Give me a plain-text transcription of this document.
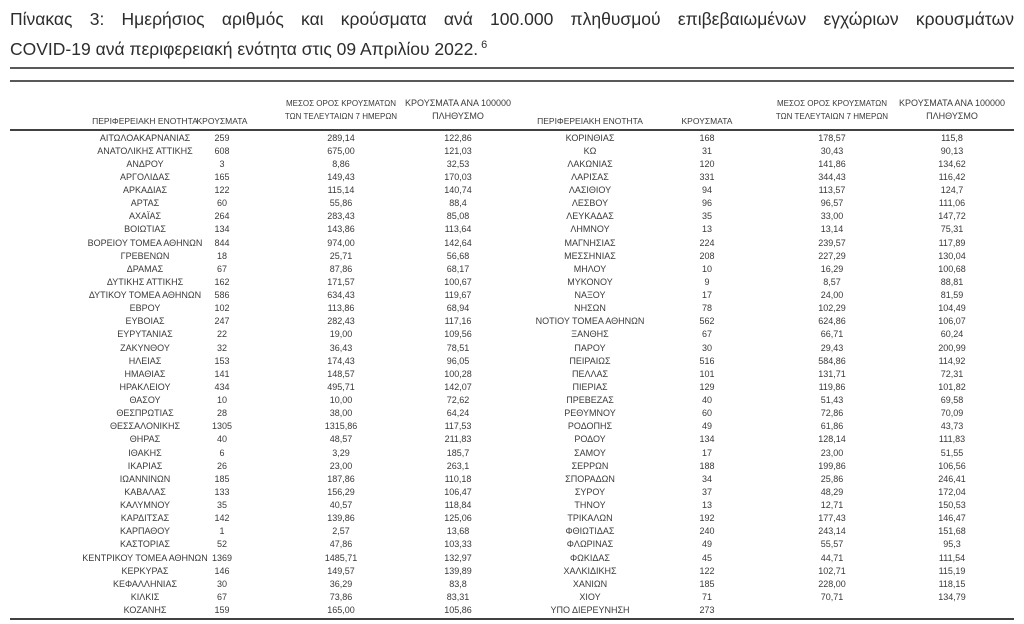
Πίνακας 3: Ημερήσιος αριθμός και κρούσματα ανά 100.000 πληθυσμού επιβεβαιωμένων εγχώριων κρουσμάτων
COVID-19 ανά περιφερειακή ενότητα στις 09 Απριλίου 2022. $^6$
ΠΕΡΙΦΕΡΕΙΑΚΗ ΕΝΟΤΗΤΑ
ΚΡΟΥΣΜΑΤΑ
ΜΕΣΟΣ ΟΡΟΣ ΚΡΟΥΣΜΑΤΩΝ
ΤΩΝ ΤΕΛΕΥΤΑΙΩΝ 7 ΗΜΕΡΩΝ
ΚΡΟΥΣΜΑΤΑ ΑΝΑ 100000
ΠΛΗΘΥΣΜΟ	ΠΕΡΙΦΕΡΕΙΑΚΗ ΕΝΟΤΗΤΑ	ΚΡΟΥΣΜΑΤΑ
ΜΕΣΟΣ ΟΡΟΣ ΚΡΟΥΣΜΑΤΩΝ
ΤΩΝ ΤΕΛΕΥΤΑΙΩΝ 7 ΗΜΕΡΩΝ
ΚΡΟΥΣΜΑΤΑ ΑΝΑ 100000
ΠΛΗΘΥΣΜΟ
ΑΙΤΩΛΟΑΚΑΡΝΑΝΙΑΣ
ΑΝΑΤΟΛΙΚΗΣ ΑΤΤΙΚΗΣ
ΑΝΔΡΟΥ
ΑΡΓΟΛΙΔΑΣ
ΑΡΚΑΔΙΑΣ
ΑΡΤΑΣ
ΑΧΑΪΑΣ
ΒΟΙΩΤΙΑΣ
ΒΟΡΕΙΟΥ ΤΟΜΕΑ ΑΘΗΝΩΝ
ΓΡΕΒΕΝΩΝ
ΔΡΑΜΑΣ
ΔΥΤΙΚΗΣ ΑΤΤΙΚΗΣ
ΔΥΤΙΚΟΥ ΤΟΜΕΑ ΑΘΗΝΩΝ
ΕΒΡΟΥ
ΕΥΒΟΙΑΣ
ΕΥΡΥΤΑΝΙΑΣ
ΖΑΚΥΝΘΟΥ
ΗΛΕΙΑΣ
ΗΜΑΘΙΑΣ
ΗΡΑΚΛΕΙΟΥ
ΘΑΣΟΥ
ΘΕΣΠΡΩΤΙΑΣ
ΘΕΣΣΑΛΟΝΙΚΗΣ
ΘΗΡΑΣ
ΙΘΑΚΗΣ
ΙΚΑΡΙΑΣ
ΙΩΑΝΝΙΝΩΝ
ΚΑΒΑΛΑΣ
ΚΑΛΥΜΝΟΥ
ΚΑΡΔΙΤΣΑΣ
ΚΑΡΠΑΘΟΥ
ΚΑΣΤΟΡΙΑΣ
ΚΕΝΤΡΙΚΟΥ ΤΟΜΕΑ ΑΘΗΝΩΝ
ΚΕΡΚΥΡΑΣ
ΚΕΦΑΛΛΗΝΙΑΣ
ΚΙΛΚΙΣ
ΚΟΖΑΝΗΣ
259
608
3
165
122
60
264
134
844
18
67
162
586
102
247
22
32
153
141
434
10
28
1305
40
6
26
185
133
35
142
1
52
1369
146
30
67
159
289,14
675,00
8,86
149,43
115,14
55,86
283,43
143,86
974,00
25,71
87,86
171,57
634,43
113,86
282,43
19,00
36,43
174,43
148,57
495,71
10,00
38,00
1315,86
48,57
3,29
23,00
187,86
156,29
40,57
139,86
2,57
47,86
1485,71
149,57
36,29
73,86
165,00
122,86
121,03
32,53
170,03
140,74
88,4
85,08
113,64
142,64
56,68
68,17
100,67
119,67
68,94
117,16
109,56
78,51
96,05
100,28
142,07
72,62
64,24
117,53
211,83
185,7
263,1
110,18
106,47
118,84
125,06
13,68
103,33
132,97
139,89
83,8
83,31
105,86
ΚΟΡΙΝΘΙΑΣ
ΚΩ
ΛΑΚΩΝΙΑΣ
ΛΑΡΙΣΑΣ
ΛΑΣΙΘΙΟΥ
ΛΕΣΒΟΥ
ΛΕΥΚΑΔΑΣ
ΛΗΜΝΟΥ
ΜΑΓΝΗΣΙΑΣ
ΜΕΣΣΗΝΙΑΣ
ΜΗΛΟΥ
ΜΥΚΟΝΟΥ
ΝΑΞΟΥ
ΝΗΣΩΝ
ΝΟΤΙΟΥ ΤΟΜΕΑ ΑΘΗΝΩΝ
ΞΑΝΘΗΣ
ΠΑΡΟΥ
ΠΕΙΡΑΙΩΣ
ΠΕΛΛΑΣ
ΠΙΕΡΙΑΣ
ΠΡΕΒΕΖΑΣ
ΡΕΘΥΜΝΟΥ
ΡΟΔΟΠΗΣ
ΡΟΔΟΥ
ΣΑΜΟΥ
ΣΕΡΡΩΝ
ΣΠΟΡΑΔΩΝ
ΣΥΡΟΥ
ΤΗΝΟΥ
ΤΡΙΚΑΛΩΝ
ΦΘΙΩΤΙΔΑΣ
ΦΛΩΡΙΝΑΣ
ΦΩΚΙΔΑΣ
ΧΑΛΚΙΔΙΚΗΣ
ΧΑΝΙΩΝ
ΧΙΟΥ
ΥΠΟ ΔΙΕΡΕΥΝΗΣΗ
168
31
120
331
94
96
35
13
224
208
10
9
17
78
562
67
30
516
101
129
40
60
49
134
17
188
34
37
13
192
240
49
45
122
185
71
273
178,57
30,43
141,86
344,43
113,57
96,57
33,00
13,14
239,57
227,29
16,29
8,57
24,00
102,29
624,86
66,71
29,43
584,86
131,71
119,86
51,43
72,86
61,86
128,14
23,00
199,86
25,86
48,29
12,71
177,43
243,14
55,57
44,71
102,71
228,00
70,71
115,8
90,13
134,62
116,42
124,7
111,06
147,72
75,31
117,89
130,04
100,68
88,81
81,59
104,49
106,07
60,24
200,99
114,92
72,31
101,82
69,58
70,09
43,73
111,83
51,55
106,56
246,41
172,04
150,53
146,47
151,68
95,3
111,54
115,19
118,15
134,79
